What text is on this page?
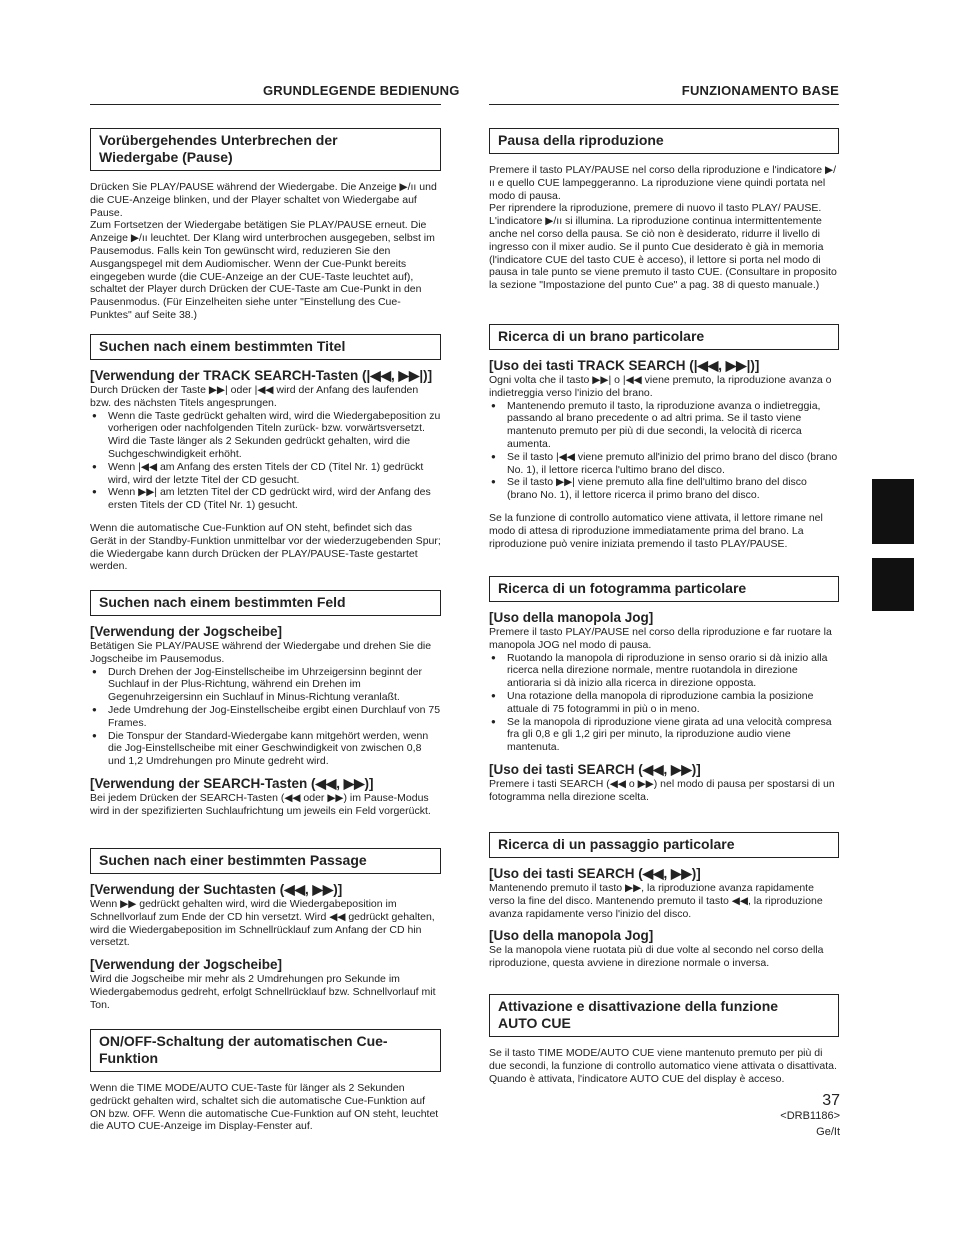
GRUNDLEGENDE BEDIENUNG
Vorübergehendes Unterbrechen der Wiedergabe (Pause)

Drücken Sie PLAY/PAUSE während der Wiedergabe. Die Anzeige ▶/ıı und die CUE-Anzeige blinken, und der Player schaltet von Wiedergabe auf Pause.

Zum Fortsetzen der Wiedergabe betätigen Sie PLAY/PAUSE erneut. Die Anzeige ▶/ıı leuchtet. Der Klang wird unterbrochen ausgegeben, selbst im Pausemodus. Falls kein Ton gewünscht wird, reduzieren Sie den Ausgangspegel mit dem Audiomischer. Wenn der Cue-Punkt bereits eingegeben wurde (die CUE-Anzeige an der CUE-Taste leuchtet auf), schaltet der Player durch Drücken der CUE-Taste am Cue-Punkt in den Pausenmodus. (Für Einzelheiten siehe unter "Einstellung des Cue-Punktes" auf Seite 38.)

Suchen nach einem bestimmten Titel
[Verwendung der TRACK SEARCH-Tasten (|◀◀, ▶▶|)]

Durch Drücken der Taste ▶▶| oder |◀◀ wird der Anfang des laufenden bzw. des nächsten Titels angesprungen.

● Wenn die Taste gedrückt gehalten wird, wird die Wiedergabeposition zu vorherigen oder nachfolgenden Titeln zurück- bzw. vorwärtsversetzt. Wird die Taste länger als 2 Sekunden gedrückt gehalten, wird die Suchgeschwindigkeit erhöht.
● Wenn |◀◀ am Anfang des ersten Titels der CD (Titel Nr. 1) gedrückt wird, wird der letzte Titel der CD gesucht.
● Wenn ▶▶| am letzten Titel der CD gedrückt wird, wird der Anfang des ersten Titels der CD (Titel Nr. 1) gesucht.

Wenn die automatische Cue-Funktion auf ON steht, befindet sich das Gerät in der Standby-Funktion unmittelbar vor der wiederzugebenden Spur; die Wiedergabe kann durch Drücken der PLAY/PAUSE-Taste gestartet werden.

Suchen nach einem bestimmten Feld
[Verwendung der Jogscheibe]

Betätigen Sie PLAY/PAUSE während der Wiedergabe und drehen Sie die Jogscheibe im Pausemodus.

● Durch Drehen der Jog-Einstellscheibe im Uhrzeigersinn beginnt der Suchlauf in der Plus-Richtung, während ein Drehen im Gegenuhrzeigersinn ein Suchlauf in Minus-Richtung veranlaßt.
● Jede Umdrehung der Jog-Einstellscheibe ergibt einen Durchlauf von 75 Frames.
● Die Tonspur der Standard-Wiedergabe kann mitgehört werden, wenn die Jog-Einstellscheibe mit einer Geschwindigkeit von zwischen 0,8 und 1,2 Umdrehungen pro Minute gedreht wird.
[Verwendung der SEARCH-Tasten (◀◀, ▶▶)]

Bei jedem Drücken der SEARCH-Tasten (◀◀ oder ▶▶) im Pause-Modus wird in der spezifizierten Suchlaufrichtung um jeweils ein Feld vorgerückt.

Suchen nach einer bestimmten Passage
[Verwendung der Suchtasten (◀◀, ▶▶)]

Wenn ▶▶ gedrückt gehalten wird, wird die Wiedergabeposition im Schnellvorlauf zum Ende der CD hin versetzt. Wird ◀◀ gedrückt gehalten, wird die Wiedergabeposition im Schnellrücklauf zum Anfang der CD hin versetzt.

[Verwendung der Jogscheibe]

Wird die Jogscheibe mir mehr als 2 Umdrehungen pro Sekunde im Wiedergabemodus gedreht, erfolgt Schnellrücklauf bzw. Schnellvorlauf mit Ton.

ON/OFF-Schaltung der automatischen Cue-Funktion

Wenn die TIME MODE/AUTO CUE-Taste für länger als 2 Sekunden gedrückt gehalten wird, schaltet sich die automatische Cue-Funktion auf ON bzw. OFF. Wenn die automatische Cue-Funktion auf ON steht, leuchtet die AUTO CUE-Anzeige im Display-Fenster auf.

FUNZIONAMENTO BASE
Pausa della riproduzione

Premere il tasto PLAY/PAUSE nel corso della riproduzione e l'indicatore ▶/ıı e quello CUE lampeggeranno. La riproduzione viene quindi portata nel modo di pausa.

Per riprendere la riproduzione, premere di nuovo il tasto PLAY/ PAUSE. L'indicatore ▶/ıı si illumina. La riproduzione continua intermittentemente anche nel corso della pausa. Se ciò non è desiderato, ridurre il livello di ingresso con il mixer audio. Se il punto Cue desiderato è già in memoria (l'indicatore CUE del tasto CUE è acceso), il lettore si porta nel modo di pausa in tale punto se viene premuto il tasto CUE. (Consultare in proposito la sezione "Impostazione del punto Cue" a pag. 38 di questo manuale.)

Ricerca di un brano particolare
[Uso dei tasti TRACK SEARCH (|◀◀, ▶▶|)]

Ogni volta che il tasto ▶▶| o |◀◀ viene premuto, la riproduzione avanza o indietreggia verso l'inizio del brano.

● Mantenendo premuto il tasto, la riproduzione avanza o indietreggia, passando al brano precedente o ad altri prima. Se il tasto viene mantenuto premuto per più di due secondi, la velocità di ricerca aumenta.
● Se il tasto |◀◀ viene premuto all'inizio del primo brano del disco (brano No. 1), il lettore ricerca l'ultimo brano del disco.
● Se il tasto ▶▶| viene premuto alla fine dell'ultimo brano del disco (brano No. 1), il lettore ricerca il primo brano del disco.

Se la funzione di controllo automatico viene attivata, il lettore rimane nel modo di attesa di riproduzione immediatamente prima del brano. La riproduzione può venire iniziata premendo il tasto PLAY/PAUSE.

Ricerca di un fotogramma particolare
[Uso della manopola Jog]

Premere il tasto PLAY/PAUSE nel corso della riproduzione e far ruotare la manopola JOG nel modo di pausa.

● Ruotando la manopola di riproduzione in senso orario si dà inizio alla ricerca nella direzione normale, mentre ruotandola in direzione antioraria si dà inizio alla ricerca in direzione opposta.
● Una rotazione della manopola di riproduzione cambia la posizione attuale di 75 fotogrammi in più o in meno.
● Se la manopola di riproduzione viene girata ad una velocità compresa fra gli 0,8 e gli 1,2 giri per minuto, la riproduzione audio viene mantenuta.
[Uso dei tasti SEARCH (◀◀, ▶▶)]

Premere i tasti SEARCH (◀◀ o ▶▶) nel modo di pausa per spostarsi di un fotogramma nella direzione scelta.

Ricerca di un passaggio particolare
[Uso dei tasti SEARCH (◀◀, ▶▶)]

Mantenendo premuto il tasto ▶▶, la riproduzione avanza rapidamente verso la fine del disco. Mantenendo premuto il tasto ◀◀, la riproduzione avanza rapidamente verso l'inizio del disco.

[Uso della manopola Jog]

Se la manopola viene ruotata più di due volte al secondo nel corso della riproduzione, questa avviene in direzione normale o inversa.

Attivazione e disattivazione della funzione AUTO CUE

Se il tasto TIME MODE/AUTO CUE viene mantenuto premuto per più di due secondi, la funzione di controllo automatico viene attivata o disattivata. Quando è attivata, l'indicatore AUTO CUE del display è acceso.

37
<DRB1186>
Ge/It
